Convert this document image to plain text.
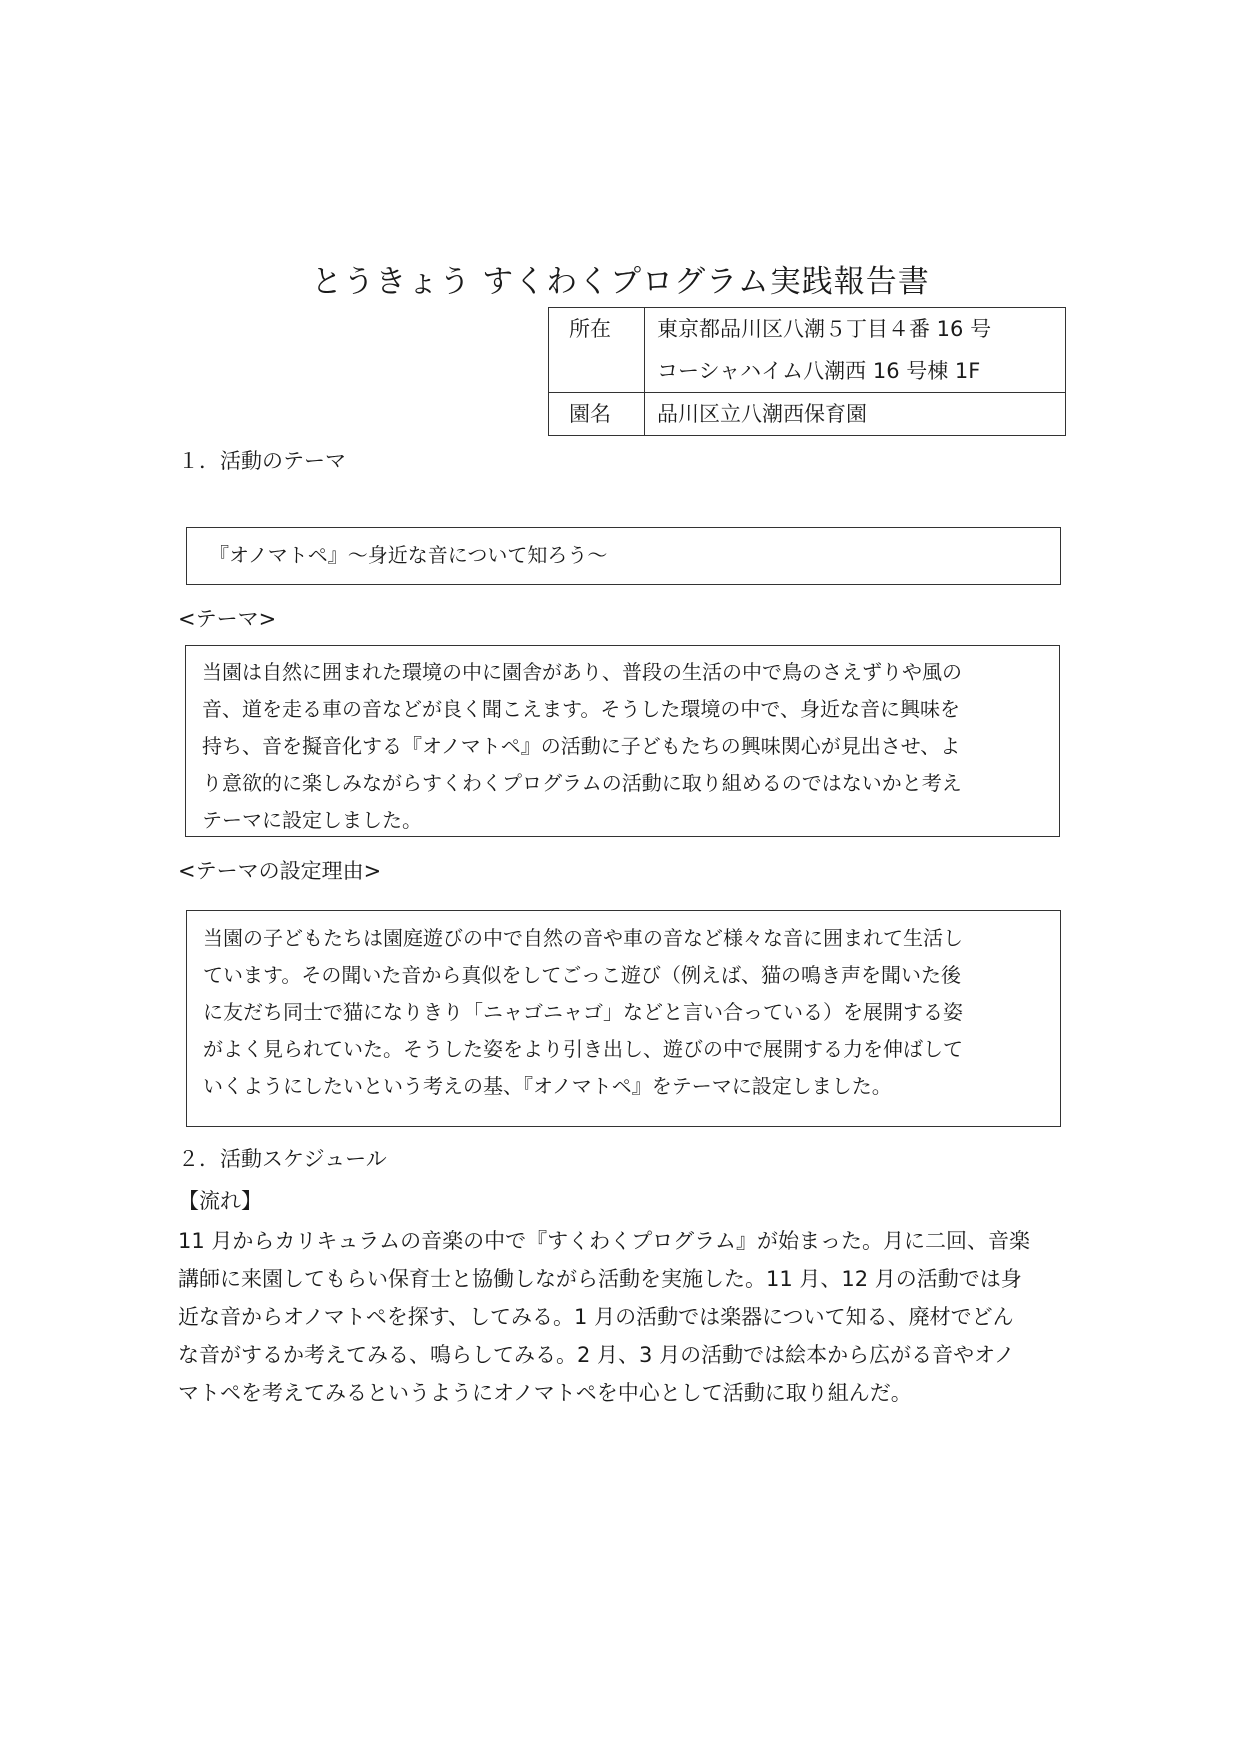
とうきょう すくわくプログラム実践報告書
所在	東京都品川区八潮５丁目４番 16 号
コーシャハイム八潮西 16 号棟 1F

園名	品川区立八潮西保育園
１．活動のテーマ
『オノマトペ』～身近な音について知ろう～
<テーマ>
当園は自然に囲まれた環境の中に園舎があり、普段の生活の中で鳥のさえずりや風の
音、道を走る車の音などが良く聞こえます。そうした環境の中で、身近な音に興味を
持ち、音を擬音化する『オノマトペ』の活動に子どもたちの興味関心が見出させ、よ
り意欲的に楽しみながらすくわくプログラムの活動に取り組めるのではないかと考え
テーマに設定しました。
<テーマの設定理由>
当園の子どもたちは園庭遊びの中で自然の音や車の音など様々な音に囲まれて生活し
ています。その聞いた音から真似をしてごっこ遊び（例えば、猫の鳴き声を聞いた後
に友だち同士で猫になりきり「ニャゴニャゴ」などと言い合っている）を展開する姿
がよく見られていた。そうした姿をより引き出し、遊びの中で展開する力を伸ばして
いくようにしたいという考えの基、『オノマトペ』をテーマに設定しました。
２．活動スケジュール
【流れ】
11 月からカリキュラムの音楽の中で『すくわくプログラム』が始まった。月に二回、音楽
講師に来園してもらい保育士と協働しながら活動を実施した。11 月、12 月の活動では身
近な音からオノマトペを探す、してみる。1 月の活動では楽器について知る、廃材でどん
な音がするか考えてみる、鳴らしてみる。2 月、3 月の活動では絵本から広がる音やオノ
マトペを考えてみるというようにオノマトペを中心として活動に取り組んだ。
